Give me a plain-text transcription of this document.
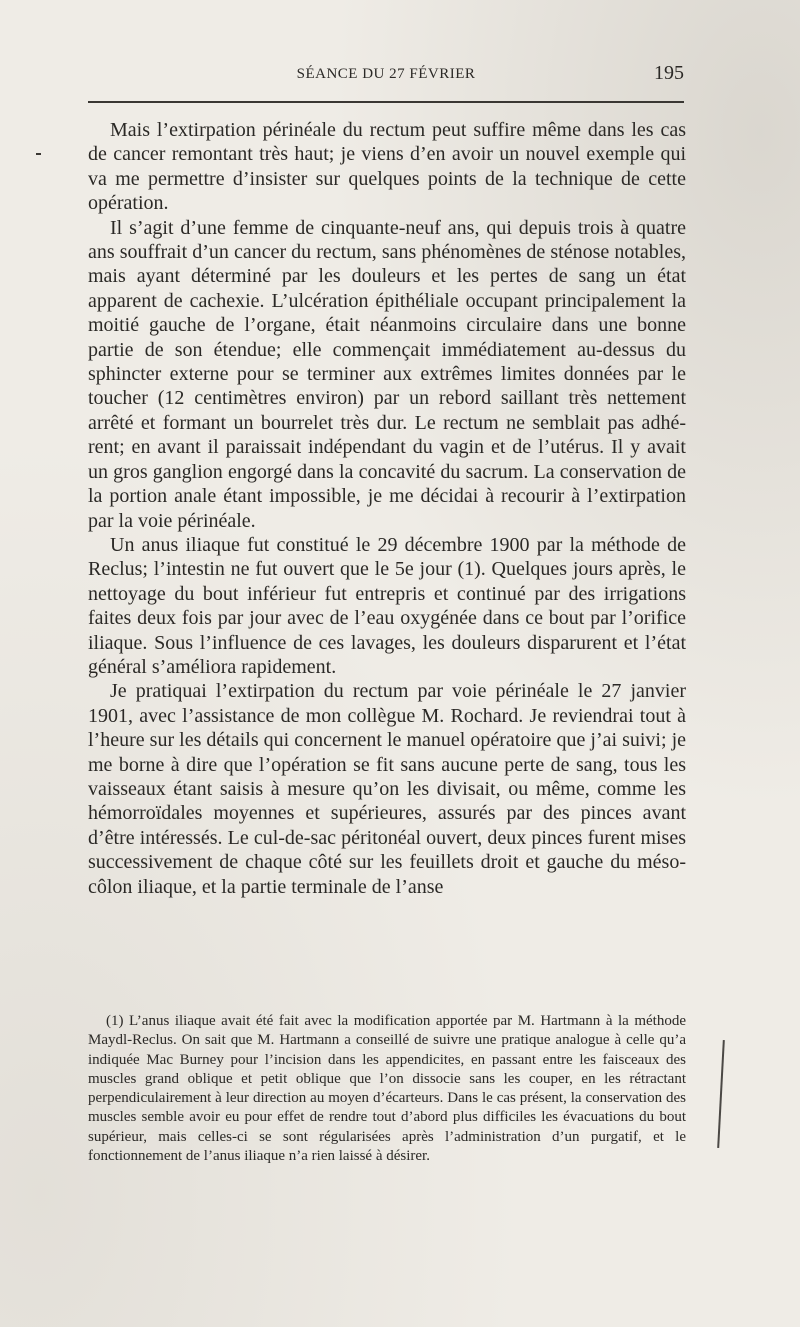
SÉANCE DU 27 FÉVRIER	195

Mais l’extirpation périnéale du rectum peut suffire même dans les cas de cancer remontant très haut; je viens d’en avoir un nouvel exemple qui va me permettre d’insister sur quelques points de la technique de cette opération.

Il s’agit d’une femme de cinquante-neuf ans, qui depuis trois à quatre ans souffrait d’un cancer du rectum, sans phénomènes de sténose notables, mais ayant déterminé par les douleurs et les pertes de sang un état apparent de cachexie. L’ulcération épithéliale occupant principalement la moitié gauche de l’organe, était néanmoins circulaire dans une bonne partie de son étendue; elle commençait immédiatement au-dessus du sphincter externe pour se terminer aux extrêmes limites données par le toucher (12 centimètres environ) par un rebord saillant très nettement arrêté et formant un bourrelet très dur. Le rectum ne semblait pas adhérent; en avant il paraissait indépendant du vagin et de l’utérus. Il y avait un gros ganglion engorgé dans la concavité du sacrum. La conservation de la portion anale étant impossible, je me décidai à recourir à l’extirpation par la voie périnéale.

Un anus iliaque fut constitué le 29 décembre 1900 par la méthode de Reclus; l’intestin ne fut ouvert que le 5e jour (1). Quelques jours après, le nettoyage du bout inférieur fut entrepris et continué par des irrigations faites deux fois par jour avec de l’eau oxygénée dans ce bout par l’orifice iliaque. Sous l’influence de ces lavages, les douleurs disparurent et l’état général s’améliora rapidement.

Je pratiquai l’extirpation du rectum par voie périnéale le 27 janvier 1901, avec l’assistance de mon collègue M. Rochard. Je reviendrai tout à l’heure sur les détails qui concernent le manuel opératoire que j’ai suivi; je me borne à dire que l’opération se fit sans aucune perte de sang, tous les vaisseaux étant saisis à mesure qu’on les divisait, ou même, comme les hémorroïdales moyennes et supérieures, assurés par des pinces avant d’être intéressés. Le cul-de-sac péritonéal ouvert, deux pinces furent mises successivement de chaque côté sur les feuillets droit et gauche du méso-côlon iliaque, et la partie terminale de l’anse

(1) L’anus iliaque avait été fait avec la modification apportée par M. Hartmann à la méthode Maydl-Reclus. On sait que M. Hartmann a conseillé de suivre une pratique analogue à celle qu’a indiquée Mac Burney pour l’incision dans les appendicites, en passant entre les faisceaux des muscles grand oblique et petit oblique que l’on dissocie sans les couper, en les rétractant perpendiculairement à leur direction au moyen d’écarteurs. Dans le cas présent, la conservation des muscles semble avoir eu pour effet de rendre tout d’abord plus difficiles les évacuations du bout supérieur, mais celles-ci se sont régularisées après l’administration d’un purgatif, et le fonctionnement de l’anus iliaque n’a rien laissé à désirer.
